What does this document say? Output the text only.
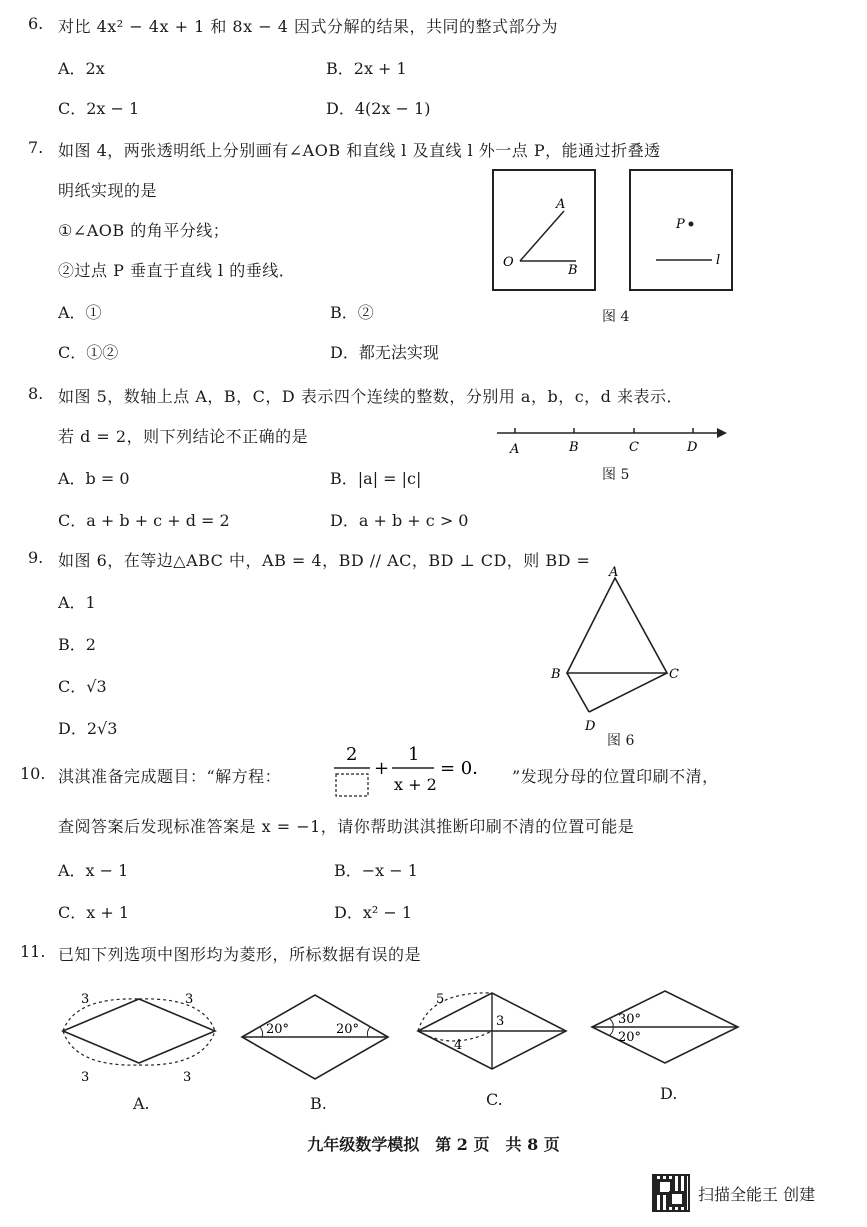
6. 对比 4x² − 4x + 1 和 8x − 4 因式分解的结果，共同的整式部分为
A．2x	B．2x + 1
C．2x − 1	D．4(2x − 1)
7. 如图 4，两张透明纸上分别画有∠AOB 和直线 l 及直线 l 外一点 P，能通过折叠透
明纸实现的是
①∠AOB 的角平分线；
②过点 P 垂直于直线 l 的垂线．
A．①	B．②
C．①②	D．都无法实现
A
O
B
P
l
图 4
8. 如图 5，数轴上点 A，B，C，D 表示四个连续的整数，分别用 a，b，c，d 来表示．
若 d = 2，则下列结论不正确的是
A．b = 0	B．|a| = |c|
C．a + b + c + d = 2	D．a + b + c > 0
A	B	C	D
图 5
9. 如图 6，在等边△ABC 中，AB = 4，BD // AC，BD ⊥ CD，则 BD =
A．1
B．2
C．√3
D．2√3
A
B	C
D
图 6
10. 淇淇准备完成题目：“解方程：
2
+
1
x + 2
= 0． ”发现分母的位置印刷不清，
查阅答案后发现标准答案是 x = −1，请你帮助淇淇推断印刷不清的位置可能是
A．x − 1	B．−x − 1
C．x + 1	D．x² − 1
11. 已知下列选项中图形均为菱形，所标数据有误的是
3	3
3	3
A.
20°	20°
B.
5
3
4
C.
30°
20°
D.
九年级数学模拟　第 2 页　共 8 页
扫描全能王 创建
